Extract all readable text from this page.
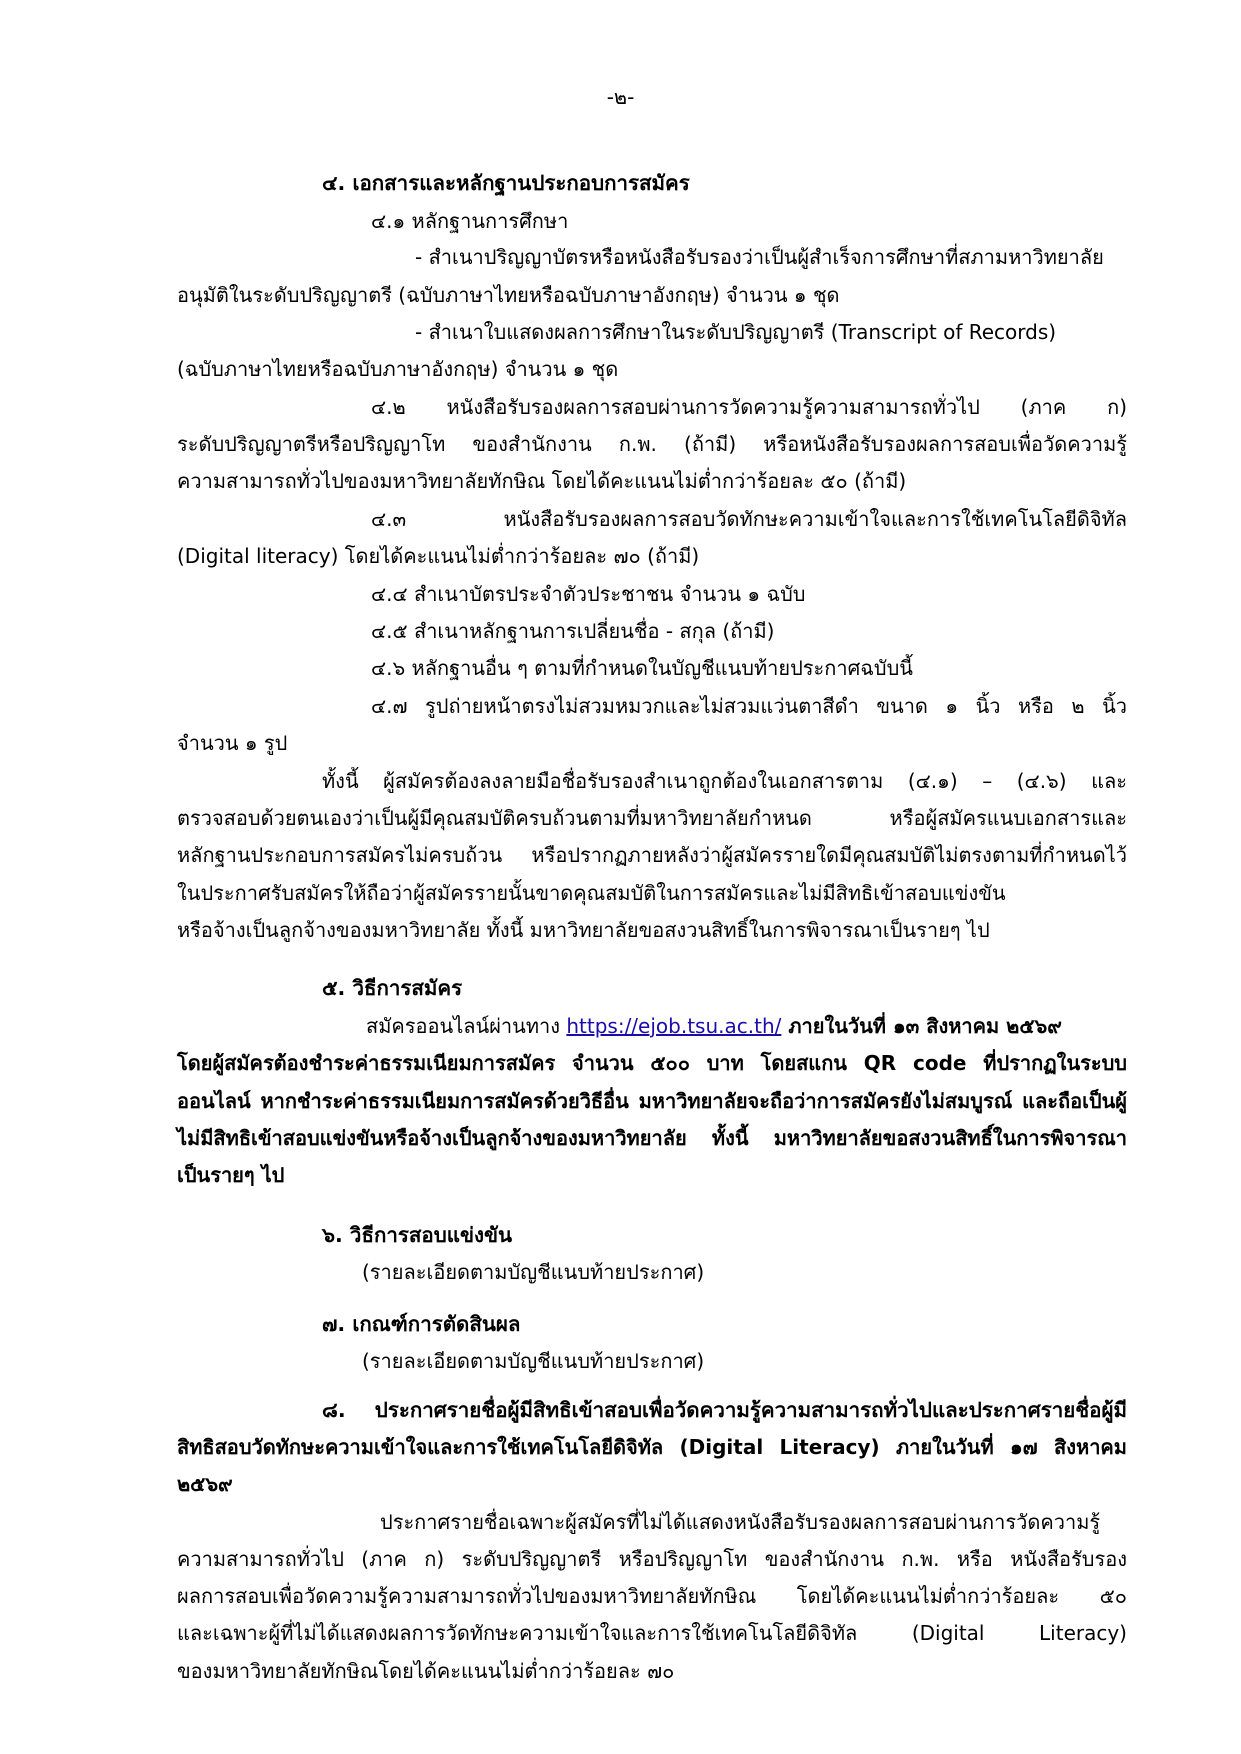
-๒-

๔. เอกสารและหลักฐานประกอบการสมัคร

๔.๑ หลักฐานการศึกษา

- สำเนาปริญญาบัตรหรือหนังสือรับรองว่าเป็นผู้สำเร็จการศึกษาที่สภามหาวิทยาลัย

อนุมัติในระดับปริญญาตรี (ฉบับภาษาไทยหรือฉบับภาษาอังกฤษ) จำนวน ๑ ชุด

- สำเนาใบแสดงผลการศึกษาในระดับปริญญาตรี (Transcript of Records)

(ฉบับภาษาไทยหรือฉบับภาษาอังกฤษ) จำนวน ๑ ชุด

๔.๒ หนังสือรับรองผลการสอบผ่านการวัดความรู้ความสามารถทั่วไป (ภาค ก)

ระดับปริญญาตรีหรือปริญญาโท ของสำนักงาน ก.พ. (ถ้ามี) หรือหนังสือรับรองผลการสอบเพื่อวัดความรู้

ความสามารถทั่วไปของมหาวิทยาลัยทักษิณ โดยได้คะแนนไม่ต่ำกว่าร้อยละ ๕๐ (ถ้ามี)

๔.๓ หนังสือรับรองผลการสอบวัดทักษะความเข้าใจและการใช้เทคโนโลยีดิจิทัล

(Digital literacy) โดยได้คะแนนไม่ต่ำกว่าร้อยละ ๗๐ (ถ้ามี)

๔.๔ สำเนาบัตรประจำตัวประชาชน จำนวน ๑ ฉบับ

๔.๕ สำเนาหลักฐานการเปลี่ยนชื่อ - สกุล (ถ้ามี)

๔.๖ หลักฐานอื่น ๆ ตามที่กำหนดในบัญชีแนบท้ายประกาศฉบับนี้

๔.๗ รูปถ่ายหน้าตรงไม่สวมหมวกและไม่สวมแว่นตาสีดำ ขนาด ๑ นิ้ว หรือ ๒ นิ้ว

จำนวน ๑ รูป

ทั้งนี้ ผู้สมัครต้องลงลายมือชื่อรับรองสำเนาถูกต้องในเอกสารตาม (๔.๑) – (๔.๖) และ

ตรวจสอบด้วยตนเองว่าเป็นผู้มีคุณสมบัติครบถ้วนตามที่มหาวิทยาลัยกำหนด หรือผู้สมัครแนบเอกสารและ

หลักฐานประกอบการสมัครไม่ครบถ้วน หรือปรากฏภายหลังว่าผู้สมัครรายใดมีคุณสมบัติไม่ตรงตามที่กำหนดไว้

ในประกาศรับสมัครให้ถือว่าผู้สมัครรายนั้นขาดคุณสมบัติในการสมัครและไม่มีสิทธิเข้าสอบแข่งขัน

หรือจ้างเป็นลูกจ้างของมหาวิทยาลัย ทั้งนี้ มหาวิทยาลัยขอสงวนสิทธิ์ในการพิจารณาเป็นรายๆ ไป

๕. วิธีการสมัคร

สมัครออนไลน์ผ่านทาง https://ejob.tsu.ac.th/ ภายในวันที่ ๑๓ สิงหาคม ๒๕๖๙

โดยผู้สมัครต้องชำระค่าธรรมเนียมการสมัคร จำนวน ๕๐๐ บาท โดยสแกน QR code ที่ปรากฏในระบบ

ออนไลน์ หากชำระค่าธรรมเนียมการสมัครด้วยวิธีอื่น มหาวิทยาลัยจะถือว่าการสมัครยังไม่สมบูรณ์ และถือเป็นผู้

ไม่มีสิทธิเข้าสอบแข่งขันหรือจ้างเป็นลูกจ้างของมหาวิทยาลัย ทั้งนี้ มหาวิทยาลัยขอสงวนสิทธิ์ในการพิจารณา

เป็นรายๆ ไป

๖. วิธีการสอบแข่งขัน

(รายละเอียดตามบัญชีแนบท้ายประกาศ)

๗. เกณฑ์การตัดสินผล

(รายละเอียดตามบัญชีแนบท้ายประกาศ)

๘. ประกาศรายชื่อผู้มีสิทธิเข้าสอบเพื่อวัดความรู้ความสามารถทั่วไปและประกาศรายชื่อผู้มี

สิทธิสอบวัดทักษะความเข้าใจและการใช้เทคโนโลยีดิจิทัล (Digital Literacy) ภายในวันที่ ๑๗ สิงหาคม

๒๕๖๙

ประกาศรายชื่อเฉพาะผู้สมัครที่ไม่ได้แสดงหนังสือรับรองผลการสอบผ่านการวัดความรู้

ความสามารถทั่วไป (ภาค ก) ระดับปริญญาตรี หรือปริญญาโท ของสำนักงาน ก.พ. หรือ หนังสือรับรอง

ผลการสอบเพื่อวัดความรู้ความสามารถทั่วไปของมหาวิทยาลัยทักษิณ โดยได้คะแนนไม่ต่ำกว่าร้อยละ ๕๐

และเฉพาะผู้ที่ไม่ได้แสดงผลการวัดทักษะความเข้าใจและการใช้เทคโนโลยีดิจิทัล (Digital Literacy)

ของมหาวิทยาลัยทักษิณโดยได้คะแนนไม่ต่ำกว่าร้อยละ ๗๐
